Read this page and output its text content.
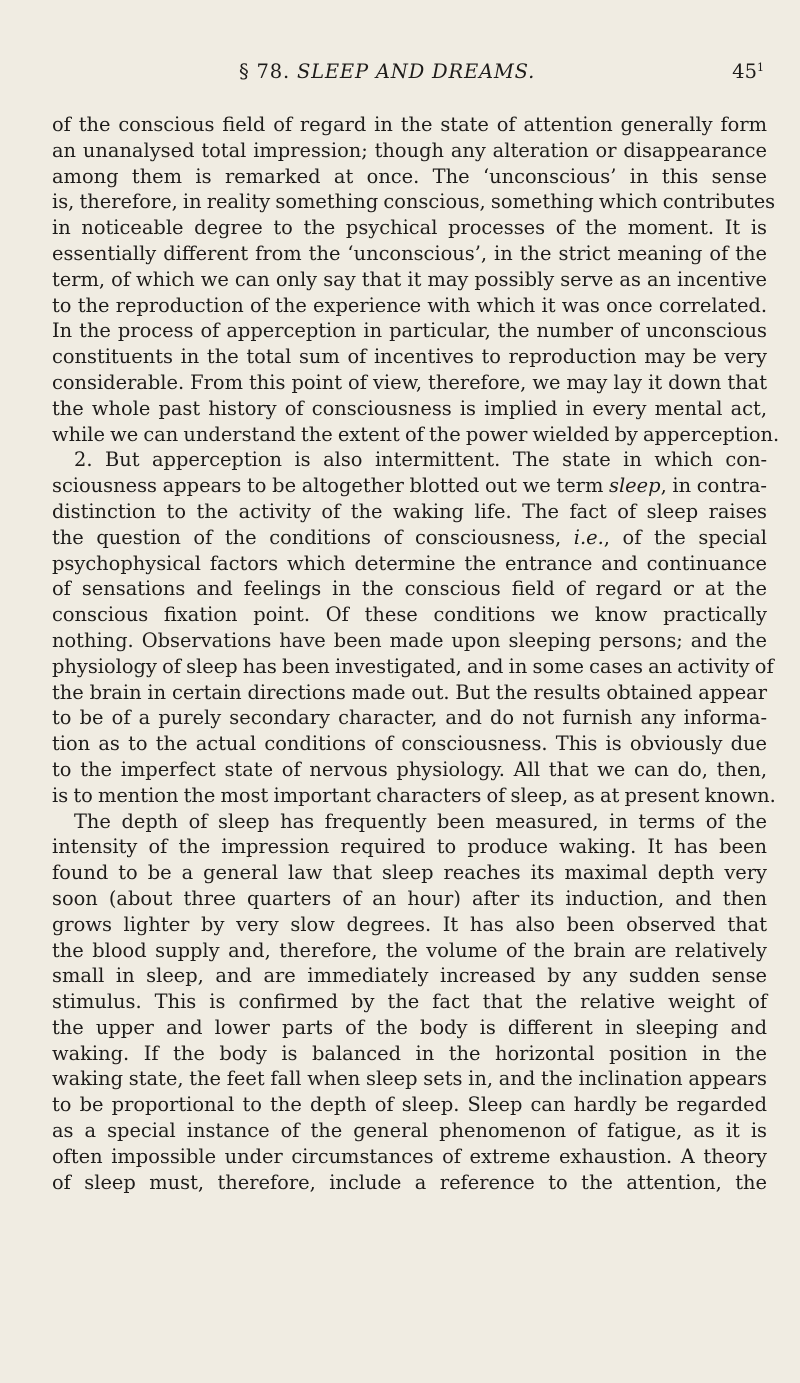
§ 78. SLEEP AND DREAMS.	$45^1$
of the conscious field of regard in the state of attention generally form
an unanalysed total impression; though any alteration or disappearance
among them is remarked at once. The ‘unconscious’ in this sense
is, therefore, in reality something conscious, something which contributes
in noticeable degree to the psychical processes of the moment. It is
essentially different from the ‘unconscious’, in the strict meaning of the
term, of which we can only say that it may possibly serve as an incentive
to the reproduction of the experience with which it was once correlated.
In the process of apperception in particular, the number of unconscious
constituents in the total sum of incentives to reproduction may be very
considerable. From this point of view, therefore, we may lay it down that
the whole past history of consciousness is implied in every mental act,
while we can understand the extent of the power wielded by apperception.
2. But apperception is also intermittent. The state in which con-
sciousness appears to be altogether blotted out we term sleep, in contra-
distinction to the activity of the waking life. The fact of sleep raises
the question of the conditions of consciousness, i.e., of the special
psychophysical factors which determine the entrance and continuance
of sensations and feelings in the conscious field of regard or at the
conscious fixation point. Of these conditions we know practically
nothing. Observations have been made upon sleeping persons; and the
physiology of sleep has been investigated, and in some cases an activity of
the brain in certain directions made out. But the results obtained appear
to be of a purely secondary character, and do not furnish any informa-
tion as to the actual conditions of consciousness. This is obviously due
to the imperfect state of nervous physiology. All that we can do, then,
is to mention the most important characters of sleep, as at present known.
The depth of sleep has frequently been measured, in terms of the
intensity of the impression required to produce waking. It has been
found to be a general law that sleep reaches its maximal depth very
soon (about three quarters of an hour) after its induction, and then
grows lighter by very slow degrees. It has also been observed that
the blood supply and, therefore, the volume of the brain are relatively
small in sleep, and are immediately increased by any sudden sense
stimulus. This is confirmed by the fact that the relative weight of
the upper and lower parts of the body is different in sleeping and
waking. If the body is balanced in the horizontal position in the
waking state, the feet fall when sleep sets in, and the inclination appears
to be proportional to the depth of sleep. Sleep can hardly be regarded
as a special instance of the general phenomenon of fatigue, as it is
often impossible under circumstances of extreme exhaustion. A theory
of sleep must, therefore, include a reference to the attention, the
